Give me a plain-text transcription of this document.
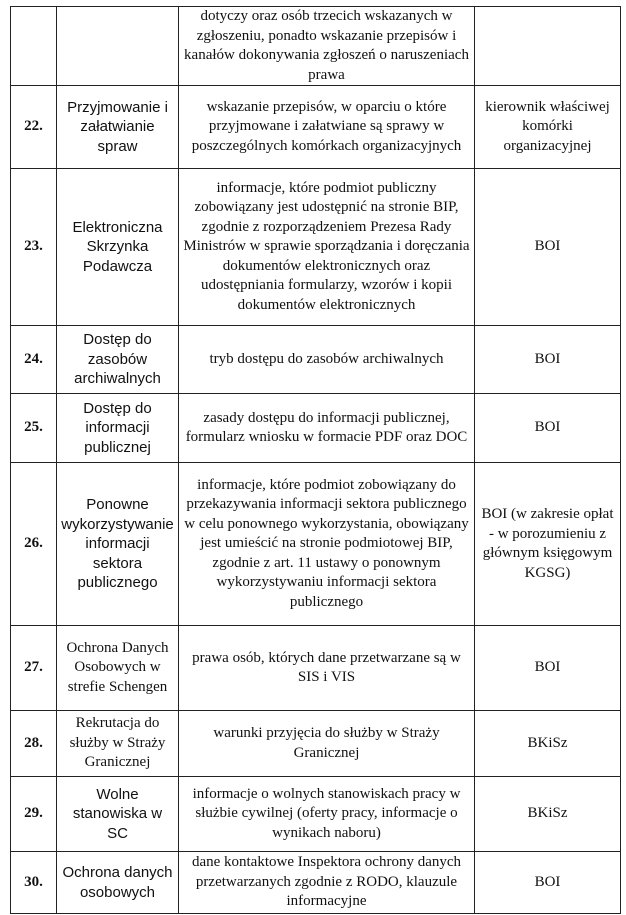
		dotyczy oraz osób trzecich wskazanych w zgłoszeniu, ponadto wskazanie przepisów i kanałów dokonywania zgłoszeń o naruszeniach prawa	
22.	Przyjmowanie i załatwianie spraw	wskazanie przepisów, w oparciu o które przyjmowane i załatwiane są sprawy w poszczególnych komórkach organizacyjnych	kierownik właściwej komórki organizacyjnej
23.	Elektroniczna Skrzynka Podawcza	informacje, które podmiot publiczny zobowiązany jest udostępnić na stronie BIP, zgodnie z rozporządzeniem Prezesa Rady Ministrów w sprawie sporządzania i doręczania dokumentów elektronicznych oraz udostępniania formularzy, wzorów i kopii dokumentów elektronicznych	BOI
24.	Dostęp do zasobów archiwalnych	tryb dostępu do zasobów archiwalnych	BOI
25.	Dostęp do informacji publicznej	zasady dostępu do informacji publicznej, formularz wniosku w formacie PDF oraz DOC	BOI
26.	Ponowne wykorzystywanie informacji sektora publicznego	informacje, które podmiot zobowiązany do przekazywania informacji sektora publicznego w celu ponownego wykorzystania, obowiązany jest umieścić na stronie podmiotowej BIP, zgodnie z art. 11 ustawy o ponownym wykorzystywaniu informacji sektora publicznego	BOI (w zakresie opłat - w porozumieniu z głównym księgowym KGSG)
27.	Ochrona Danych Osobowych w strefie Schengen	prawa osób, których dane przetwarzane są w SIS i VIS	BOI
28.	Rekrutacja do służby w Straży Granicznej	warunki przyjęcia do służby w Straży Granicznej	BKiSz
29.	Wolne stanowiska w SC	informacje o wolnych stanowiskach pracy w służbie cywilnej (oferty pracy, informacje o wynikach naboru)	BKiSz
30.	Ochrona danych osobowych	dane kontaktowe Inspektora ochrony danych przetwarzanych zgodnie z RODO, klauzule informacyjne	BOI
